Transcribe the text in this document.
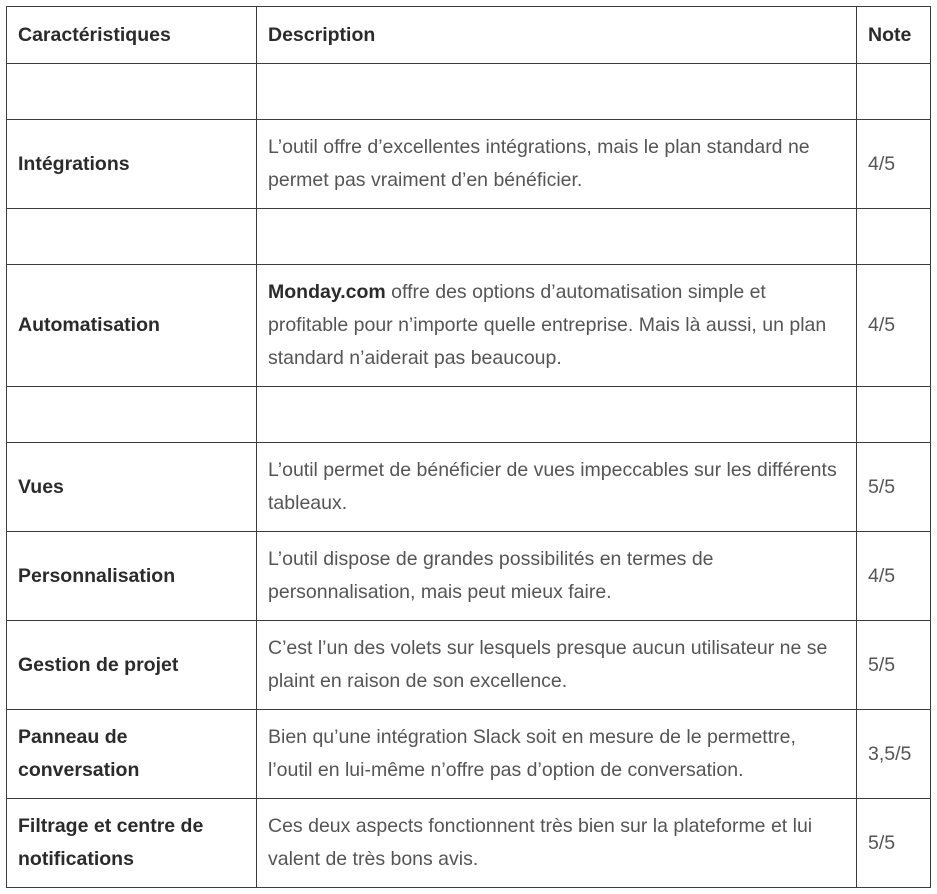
Caractéristiques	Description	Note

Intégrations	L’outil offre d’excellentes intégrations, mais le plan standard ne permet pas vraiment d’en bénéficier.	4/5

Automatisation	Monday.com offre des options d’automatisation simple et profitable pour n’importe quelle entreprise. Mais là aussi, un plan standard n’aiderait pas beaucoup.	4/5

Vues	L’outil permet de bénéficier de vues impeccables sur les différents tableaux.	5/5
Personnalisation	L’outil dispose de grandes possibilités en termes de personnalisation, mais peut mieux faire.	4/5
Gestion de projet	C’est l’un des volets sur lesquels presque aucun utilisateur ne se plaint en raison de son excellence.	5/5
Panneau de conversation	Bien qu’une intégration Slack soit en mesure de le permettre, l’outil en lui-même n’offre pas d’option de conversation.	3,5/5
Filtrage et centre de notifications	Ces deux aspects fonctionnent très bien sur la plateforme et lui valent de très bons avis.	5/5
